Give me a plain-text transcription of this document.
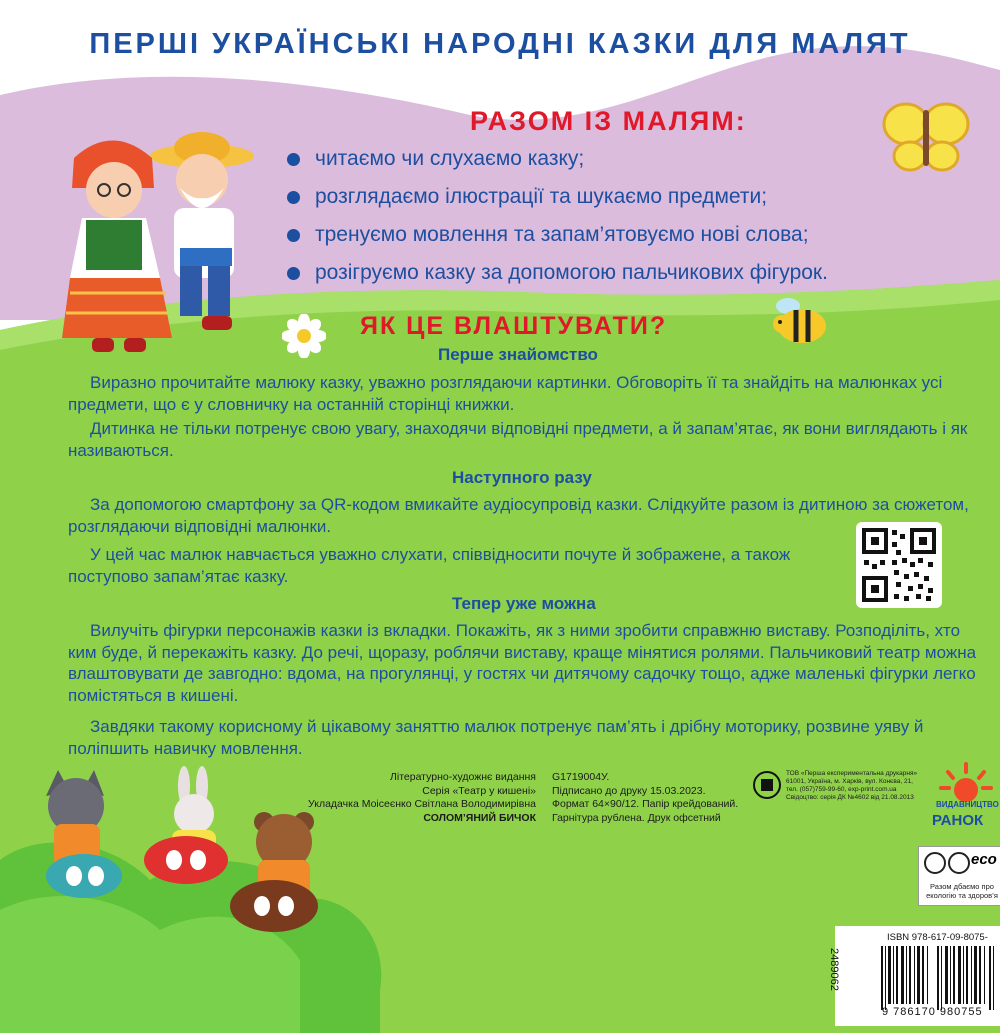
ПЕРШІ УКРАЇНСЬКІ НАРОДНІ КАЗКИ ДЛЯ МАЛЯТ
РАЗОМ ІЗ МАЛЯМ:
читаємо чи слухаємо казку;
розглядаємо ілюстрації та шукаємо предмети;
тренуємо мовлення та запам’ятовуємо нові слова;
розігруємо казку за допомогою пальчикових фігурок.
ЯК ЦЕ ВЛАШТУВАТИ?
Перше знайомство

Виразно прочитайте малюку казку, уважно розглядаючи картинки. Обговоріть її та знайдіть на малюнках усі предмети, що є у словничку на останній сторінці книжки.

Дитинка не тільки потренує свою увагу, знаходячи відповідні предмети, а й запам’ятає, як вони виглядають і як називаються.

Наступного разу

За допомогою смартфону за QR-кодом вмикайте аудіосупровід казки. Слідкуйте разом із дитиною за сюжетом, розглядаючи відповідні малюнки.

У цей час малюк навчається уважно слухати, співвідносити почуте й зображене, а також поступово запам’ятає казку.

Тепер уже можна

Вилучіть фігурки персонажів казки із вкладки. Покажіть, як з ними зробити справжню виставу. Розподіліть, хто ким буде, й перекажіть казку. До речі, щоразу, роблячи виставу, краще мінятися ролями. Пальчиковий театр можна влаштовувати де завгодно: вдома, на прогулянці, у гостях чи дитячому садочку тощо, адже маленькі фігурки легко помістяться в кишені.

Завдяки такому корисному й цікавому заняттю малюк потренує пам’ять і дрібну моторику, розвине уяву й поліпшить навичку мовлення.

Літературно-художнє видання
Серія «Театр у кишені»
Укладачка Моісеєнко Світлана Володимирівна
СОЛОМ’ЯНИЙ БИЧОК
G1719004У.
Підписано до друку 15.03.2023.
Формат 64×90/12. Папір крейдований.
Гарнітура рублена. Друк офсетний
ТОВ «Перша експериментальна друкарня»
61001, Україна, м. Харків, вул. Конєва, 21,
тел. (057)759-99-60, exp-print.com.ua
Свідоцтво: серія ДК №4602 від 21.08.2013
ВИДАВНИЦТВО
РАНОК
eco
Разом дбаємо про екологію та здоров’я
ISBN 978-617-09-8075-
9 786170 980755
2489062
